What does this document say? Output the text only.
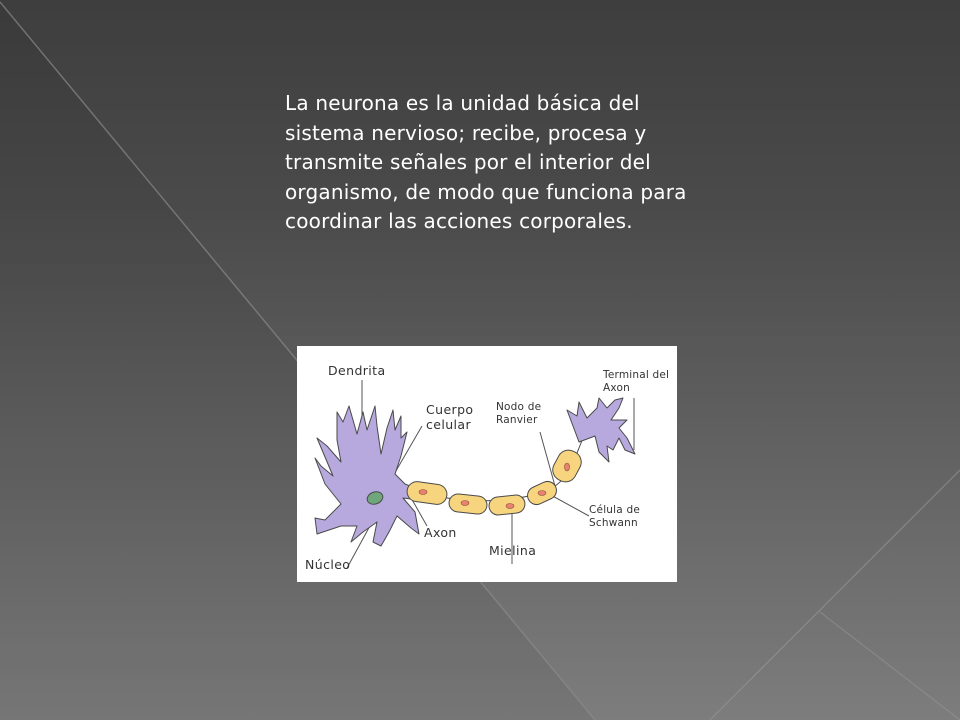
La neurona es la unidad básica del sistema nervioso; recibe, procesa y transmite señales por el interior del organismo, de modo que funciona para coordinar las acciones corporales.

Dendrita
Cuerpo
celular
Núcleo
Axon
Mielina
Nodo de
Ranvier
Célula de
Schwann
Terminal del
Axon
